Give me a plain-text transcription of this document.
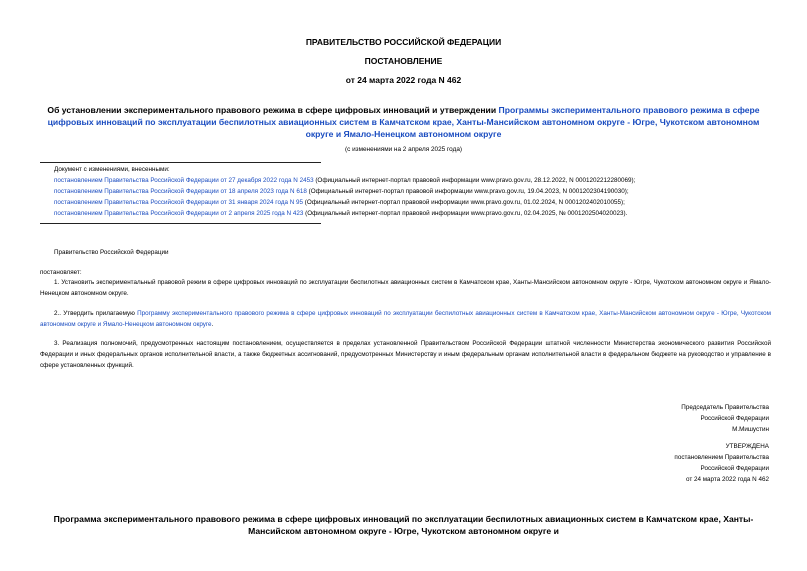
ПРАВИТЕЛЬСТВО РОССИЙСКОЙ ФЕДЕРАЦИИ
ПОСТАНОВЛЕНИЕ
от 24 марта 2022 года N 462
Об установлении экспериментального правового режима в сфере цифровых инноваций и утверждении Программы экспериментального правового режима в сфере цифровых инноваций по эксплуатации беспилотных авиационных систем в Камчатском крае, Ханты-Мансийском автономном округе - Югре, Чукотском автономном округе и Ямало-Ненецком автономном округе
(с изменениями на 2 апреля 2025 года)
Документ с изменениями, внесенными:
постановлением Правительства Российской Федерации от 27 декабря 2022 года N 2453 (Официальный интернет-портал правовой информации www.pravo.gov.ru, 28.12.2022, N 0001202212280069);
постановлением Правительства Российской Федерации от 18 апреля 2023 года N 618 (Официальный интернет-портал правовой информации www.pravo.gov.ru, 19.04.2023, N 0001202304190030);
постановлением Правительства Российской Федерации от 31 января 2024 года N 95 (Официальный интернет-портал правовой информации www.pravo.gov.ru, 01.02.2024, N 0001202402010055);
постановлением Правительства Российской Федерации от 2 апреля 2025 года N 423 (Официальный интернет-портал правовой информации www.pravo.gov.ru, 02.04.2025, № 0001202504020023).
Правительство Российской Федерации
постановляет:
1. Установить экспериментальный правовой режим в сфере цифровых инноваций по эксплуатации беспилотных авиационных систем в Камчатском крае, Ханты-Мансийском автономном округе - Югре, Чукотском автономном округе и Ямало-Ненецком автономном округе.
2.. Утвердить прилагаемую Программу экспериментального правового режима в сфере цифровых инноваций по эксплуатации беспилотных авиационных систем в Камчатском крае, Ханты-Мансийском автономном округе - Югре, Чукотском автономном округе и Ямало-Ненецком автономном округе.
3. Реализация полномочий, предусмотренных настоящим постановлением, осуществляется в пределах установленной Правительством Российской Федерации штатной численности Министерства экономического развития Российской Федерации и иных федеральных органов исполнительной власти, а также бюджетных ассигнований, предусмотренных Министерству и иным федеральным органам исполнительной власти в федеральном бюджете на руководство и управление в сфере установленных функций.
Председатель Правительства
Российской Федерации
М.Мишустин
УТВЕРЖДЕНА
постановлением Правительства
Российской Федерации
от 24 марта 2022 года N 462
Программа экспериментального правового режима в сфере цифровых инноваций по эксплуатации беспилотных авиационных систем в Камчатском крае, Ханты-Мансийском автономном округе - Югре, Чукотском автономном округе и
